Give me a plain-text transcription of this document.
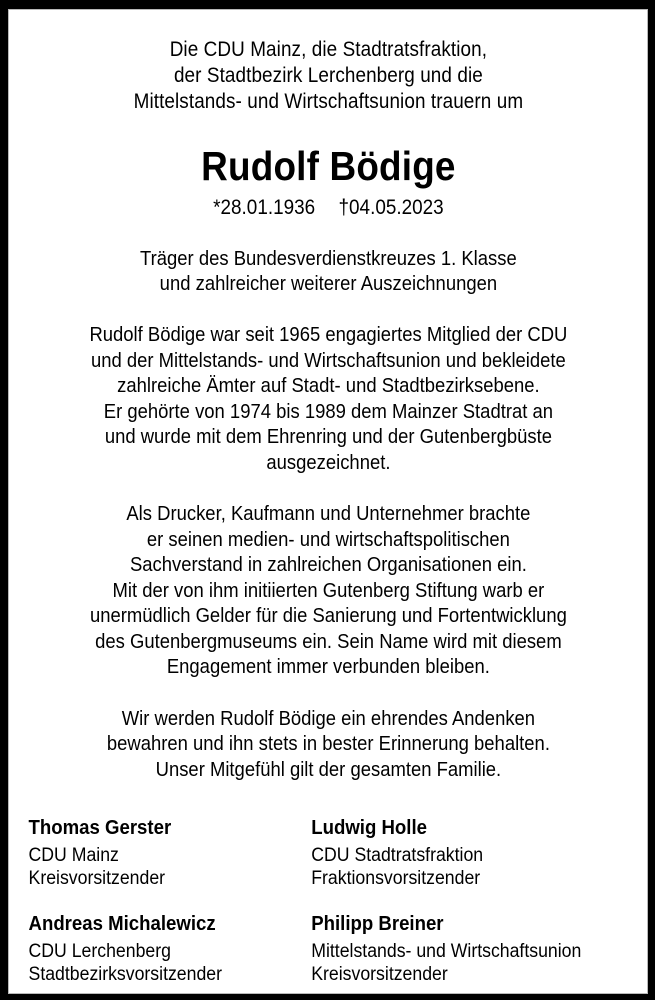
Die CDU Mainz, die Stadtratsfraktion,
der Stadtbezirk Lerchenberg und die
Mittelstands- und Wirtschaftsunion trauern um
Rudolf Bödige
*28.01.1936 †04.05.2023
Träger des Bundesverdienstkreuzes 1. Klasse
und zahlreicher weiterer Auszeichnungen
Rudolf Bödige war seit 1965 engagiertes Mitglied der CDU
und der Mittelstands- und Wirtschaftsunion und bekleidete
zahlreiche Ämter auf Stadt- und Stadtbezirksebene.
Er gehörte von 1974 bis 1989 dem Mainzer Stadtrat an
und wurde mit dem Ehrenring und der Gutenbergbüste
ausgezeichnet.
Als Drucker, Kaufmann und Unternehmer brachte
er seinen medien- und wirtschaftspolitischen
Sachverstand in zahlreichen Organisationen ein.
Mit der von ihm initiierten Gutenberg Stiftung warb er
unermüdlich Gelder für die Sanierung und Fortentwicklung
des Gutenbergmuseums ein. Sein Name wird mit diesem
Engagement immer verbunden bleiben.
Wir werden Rudolf Bödige ein ehrendes Andenken
bewahren und ihn stets in bester Erinnerung behalten.
Unser Mitgefühl gilt der gesamten Familie.
Thomas Gerster
CDU Mainz
Kreisvorsitzender
Ludwig Holle
CDU Stadtratsfraktion
Fraktionsvorsitzender
Andreas Michalewicz
CDU Lerchenberg
Stadtbezirksvorsitzender
Philipp Breiner
Mittelstands- und Wirtschaftsunion
Kreisvorsitzender
